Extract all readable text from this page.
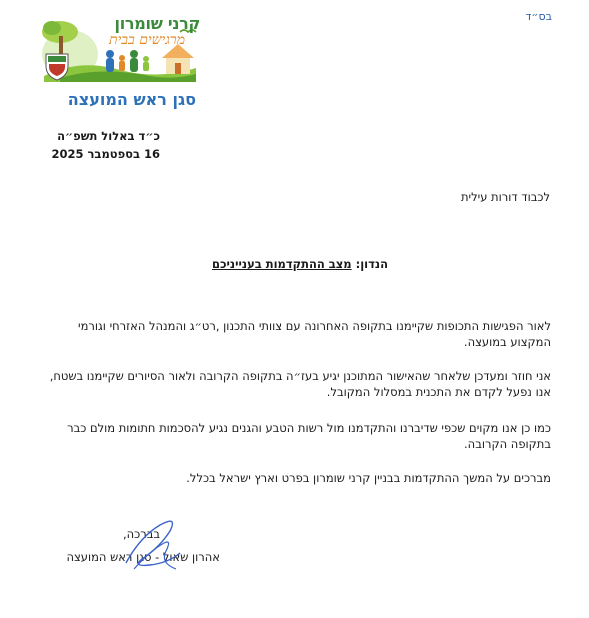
בס״ד
קרני שומרון
מרגישים בבית
סגן ראש המועצה
כ״ד באלול תשפ״ה
16 בספטמבר 2025
לכבוד דורות עילית
הנדון: מצב ההתקדמות בענייניכם
לאור הפגישות התכופות שקיימנו בתקופה האחרונה עם צוותי התכנון ,רט״ג והמנהל האזרחי וגורמי המקצוע במועצה.
אני חוזר ומעדכן שלאחר שהאישור המתוכנן יגיע בעז״ה בתקופה הקרובה ולאור הסיורים שקיימנו בשטח, אנו נפעל לקדם את התכנית במסלול המקובל.
כמו כן אנו מקוים שכפי שדיברנו והתקדמנו מול רשות הטבע והגנים נגיע להסכמות חתומות מולם כבר בתקופה הקרובה.
מברכים על המשך ההתקדמות בבניין קרני שומרון בפרט וארץ ישראל בכלל.
בברכה,
אהרון שאול - סגן ראש המועצה
